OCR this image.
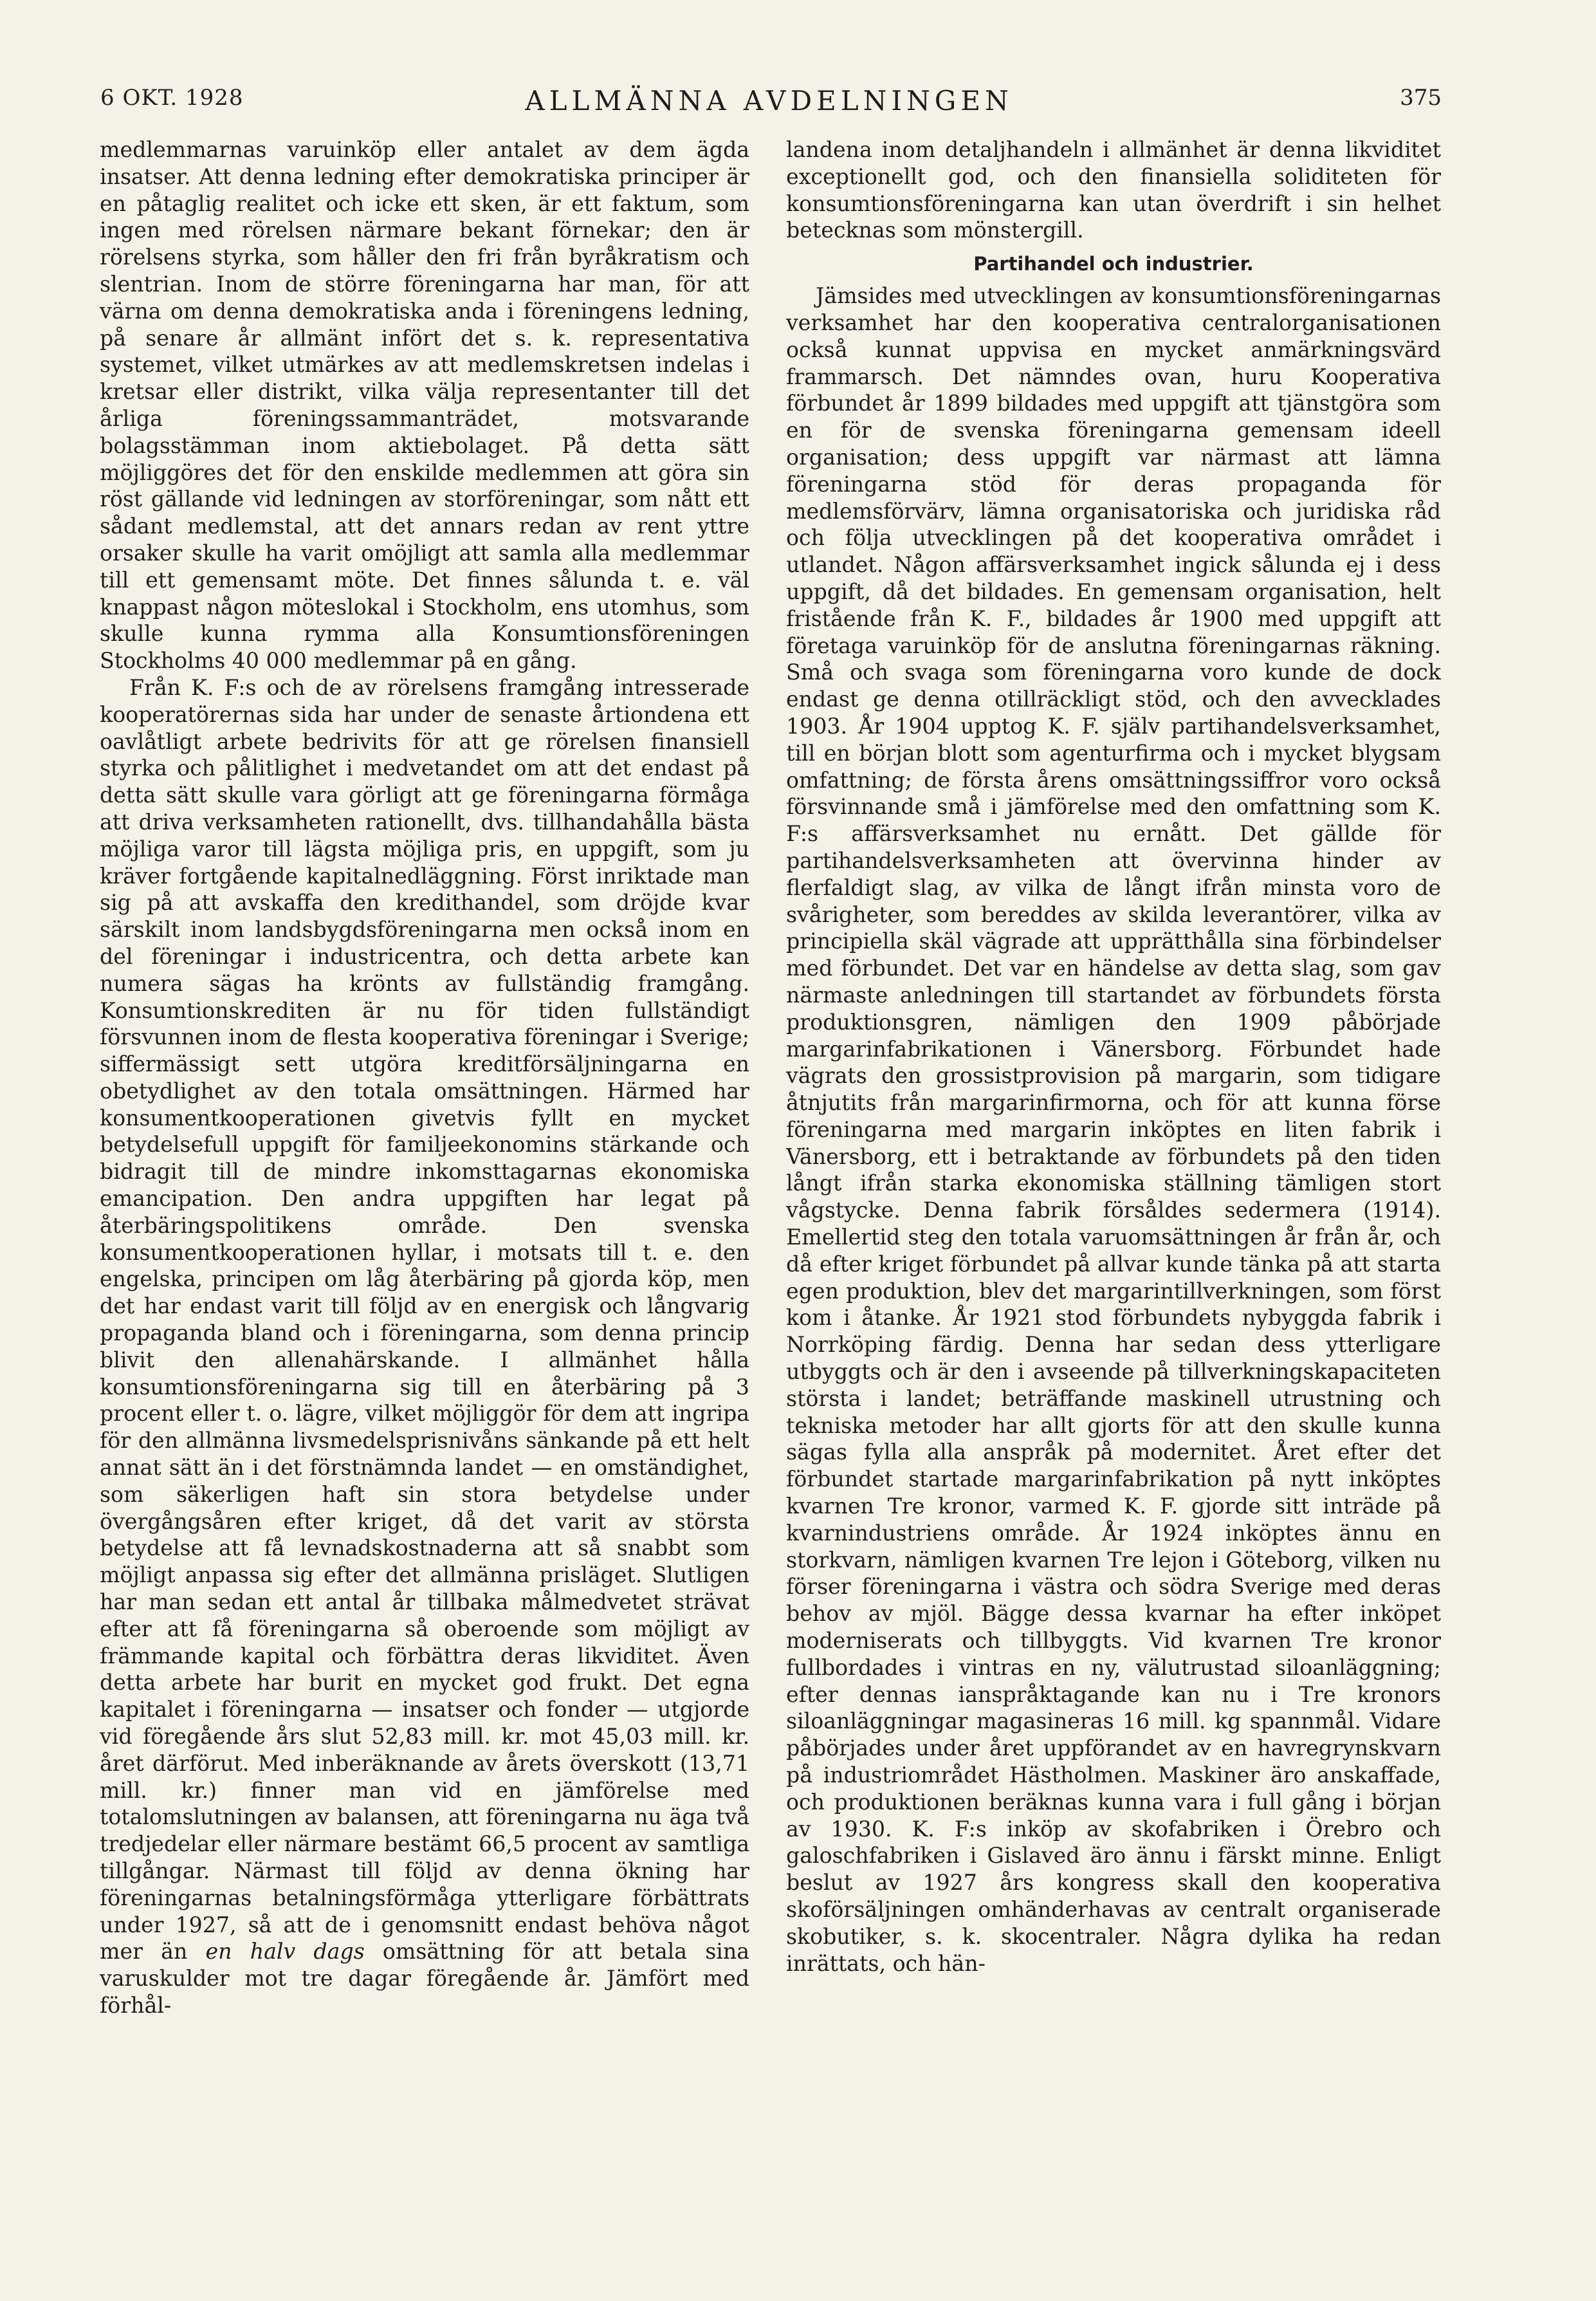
6 OKT. 1928	ALLMÄNNA AVDELNINGEN	375

medlemmarnas varuinköp eller antalet av dem ägda insatser. Att denna ledning efter demokratiska principer är en påtaglig realitet och icke ett sken, är ett faktum, som ingen med rörelsen närmare bekant förnekar; den är rörelsens styrka, som håller den fri från byråkratism och slentrian. Inom de större föreningarna har man, för att värna om denna demokratiska anda i föreningens ledning, på senare år allmänt infört det s. k. representativa systemet, vilket utmärkes av att medlemskretsen indelas i kretsar eller distrikt, vilka välja representanter till det årliga föreningssammanträdet, motsvarande bolagsstämman inom aktiebolaget. På detta sätt möjliggöres det för den enskilde medlemmen att göra sin röst gällande vid ledningen av storföreningar, som nått ett sådant medlemstal, att det annars redan av rent yttre orsaker skulle ha varit omöjligt att samla alla medlemmar till ett gemensamt möte. Det finnes sålunda t. e. väl knappast någon möteslokal i Stockholm, ens utomhus, som skulle kunna rymma alla Konsumtionsföreningen Stockholms 40 000 medlemmar på en gång.

Från K. F:s och de av rörelsens framgång intresserade kooperatörernas sida har under de senaste årtiondena ett oavlåtligt arbete bedrivits för att ge rörelsen finansiell styrka och pålitlighet i medvetandet om att det endast på detta sätt skulle vara görligt att ge föreningarna förmåga att driva verksamheten rationellt, dvs. tillhandahålla bästa möjliga varor till lägsta möjliga pris, en uppgift, som ju kräver fortgående kapitalnedläggning. Först inriktade man sig på att avskaffa den kredithandel, som dröjde kvar särskilt inom landsbygdsföreningarna men också inom en del föreningar i industricentra, och detta arbete kan numera sägas ha krönts av fullständig framgång. Konsumtionskrediten är nu för tiden fullständigt försvunnen inom de flesta kooperativa föreningar i Sverige; siffermässigt sett utgöra kreditförsäljningarna en obetydlighet av den totala omsättningen. Härmed har konsumentkooperationen givetvis fyllt en mycket betydelsefull uppgift för familjeekonomins stärkande och bidragit till de mindre inkomsttagarnas ekonomiska emancipation. Den andra uppgiften har legat på återbäringspolitikens område. Den svenska konsumentkooperationen hyllar, i motsats till t. e. den engelska, principen om låg återbäring på gjorda köp, men det har endast varit till följd av en energisk och långvarig propaganda bland och i föreningarna, som denna princip blivit den allenahärskande. I allmänhet hålla konsumtionsföreningarna sig till en återbäring på 3 procent eller t. o. lägre, vilket möjliggör för dem att ingripa för den allmänna livsmedelsprisnivåns sänkande på ett helt annat sätt än i det förstnämnda landet — en omständighet, som säkerligen haft sin stora betydelse under övergångsåren efter kriget, då det varit av största betydelse att få levnadskostnaderna att så snabbt som möjligt anpassa sig efter det allmänna prisläget. Slutligen har man sedan ett antal år tillbaka målmedvetet strävat efter att få föreningarna så oberoende som möjligt av främmande kapital och förbättra deras likviditet. Även detta arbete har burit en mycket god frukt. Det egna kapitalet i föreningarna — insatser och fonder — utgjorde vid föregående års slut 52,83 mill. kr. mot 45,03 mill. kr. året därförut. Med inberäknande av årets överskott (13,71 mill. kr.) finner man vid en jämförelse med totalomslutningen av balansen, att föreningarna nu äga två tredjedelar eller närmare bestämt 66,5 procent av samtliga tillgångar. Närmast till följd av denna ökning har föreningarnas betalningsförmåga ytterligare förbättrats under 1927, så att de i genomsnitt endast behöva något mer än en halv dags omsättning för att betala sina varuskulder mot tre dagar föregående år. Jämfört med förhål-

landena inom detaljhandeln i allmänhet är denna likviditet exceptionellt god, och den finansiella soliditeten för konsumtionsföreningarna kan utan överdrift i sin helhet betecknas som mönstergill.

Partihandel och industrier.

Jämsides med utvecklingen av konsumtionsföreningarnas verksamhet har den kooperativa centralorganisationen också kunnat uppvisa en mycket anmärkningsvärd frammarsch. Det nämndes ovan, huru Kooperativa förbundet år 1899 bildades med uppgift att tjänstgöra som en för de svenska föreningarna gemensam ideell organisation; dess uppgift var närmast att lämna föreningarna stöd för deras propaganda för medlemsförvärv, lämna organisatoriska och juridiska råd och följa utvecklingen på det kooperativa området i utlandet. Någon affärsverksamhet ingick sålunda ej i dess uppgift, då det bildades. En gemensam organisation, helt fristående från K. F., bildades år 1900 med uppgift att företaga varuinköp för de anslutna föreningarnas räkning. Små och svaga som föreningarna voro kunde de dock endast ge denna otillräckligt stöd, och den avvecklades 1903. År 1904 upptog K. F. själv partihandelsverksamhet, till en början blott som agenturfirma och i mycket blygsam omfattning; de första årens omsättningssiffror voro också försvinnande små i jämförelse med den omfattning som K. F:s affärsverksamhet nu ernått. Det gällde för partihandelsverksamheten att övervinna hinder av flerfaldigt slag, av vilka de långt ifrån minsta voro de svårigheter, som bereddes av skilda leverantörer, vilka av principiella skäl vägrade att upprätthålla sina förbindelser med förbundet. Det var en händelse av detta slag, som gav närmaste anledningen till startandet av förbundets första produktionsgren, nämligen den 1909 påbörjade margarinfabrikationen i Vänersborg. Förbundet hade vägrats den grossistprovision på margarin, som tidigare åtnjutits från margarinfirmorna, och för att kunna förse föreningarna med margarin inköptes en liten fabrik i Vänersborg, ett i betraktande av förbundets på den tiden långt ifrån starka ekonomiska ställning tämligen stort vågstycke. Denna fabrik försåldes sedermera (1914). Emellertid steg den totala varuomsättningen år från år, och då efter kriget förbundet på allvar kunde tänka på att starta egen produktion, blev det margarintillverkningen, som först kom i åtanke. År 1921 stod förbundets nybyggda fabrik i Norrköping färdig. Denna har sedan dess ytterligare utbyggts och är den i avseende på tillverkningskapaciteten största i landet; beträffande maskinell utrustning och tekniska metoder har allt gjorts för att den skulle kunna sägas fylla alla anspråk på modernitet. Året efter det förbundet startade margarinfabrikation på nytt inköptes kvarnen Tre kronor, varmed K. F. gjorde sitt inträde på kvarnindustriens område. År 1924 inköptes ännu en storkvarn, nämligen kvarnen Tre lejon i Göteborg, vilken nu förser föreningarna i västra och södra Sverige med deras behov av mjöl. Bägge dessa kvarnar ha efter inköpet moderniserats och tillbyggts. Vid kvarnen Tre kronor fullbordades i vintras en ny, välutrustad siloanläggning; efter dennas ianspråktagande kan nu i Tre kronors siloanläggningar magasineras 16 mill. kg spannmål. Vidare påbörjades under året uppförandet av en havregrynskvarn på industriområdet Hästholmen. Maskiner äro anskaffade, och produktionen beräknas kunna vara i full gång i början av 1930. K. F:s inköp av skofabriken i Örebro och galoschfabriken i Gislaved äro ännu i färskt minne. Enligt beslut av 1927 års kongress skall den kooperativa skoförsäljningen omhänderhavas av centralt organiserade skobutiker, s. k. skocentraler. Några dylika ha redan inrättats, och hän-
